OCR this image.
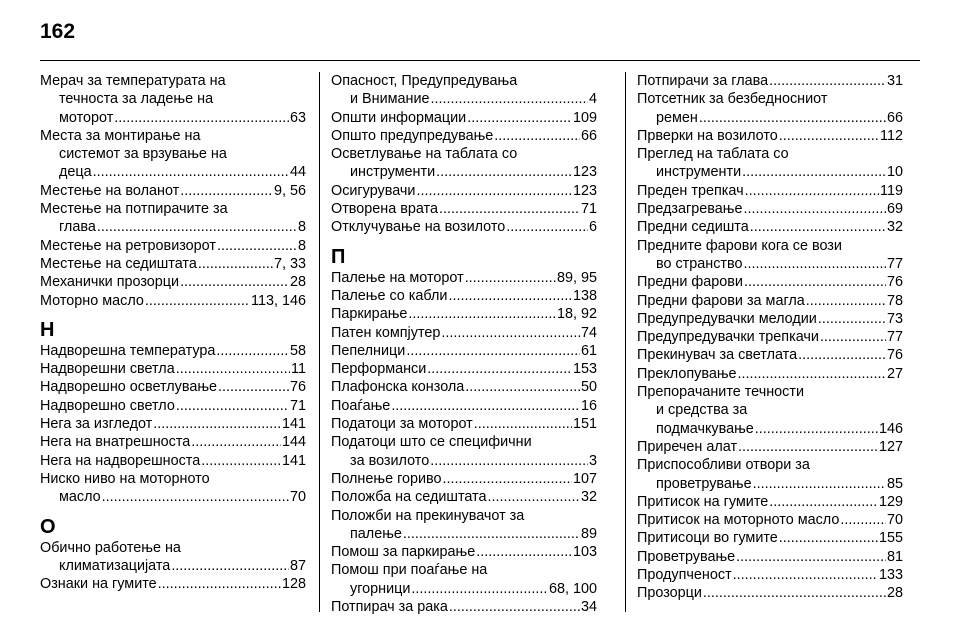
162
Мерач за температурата на
течноста за ладење на
моторот .....	63
Места за монтирање на
системот за врзување на
деца .....	44
Местење на воланот .....	9, 56
Местење на потпирачите за
глава .....	8
Местење на ретровизорот .....	8
Местење на седиштата .....	7, 33
Механички прозорци .....	28
Моторно масло .....	113, 146
Н
Надворешна температура .....	58
Надворешни светла .....	11
Надворешно осветлување .....	76
Надворешно светло .....	71
Нега за изгледот .....	141
Нега на внатрешноста .....	144
Нега на надворешноста .....	141
Ниско ниво на моторното
масло .....	70
О
Обично работење на
климатизацијата .....	87
Ознаки на гумите .....	128
Опасност, Предупредувања
и Внимание .....	4
Општи информации .....	109
Општо предупредување .....	66
Осветлување на таблата со
инструменти .....	123
Осигурувачи .....	123
Отворена врата .....	71
Отклучување на возилото .....	6
П
Палење на моторот .....	89, 95
Палење со кабли .....	138
Паркирање .....	18, 92
Патен компјутер .....	74
Пепелници .....	61
Перформанси .....	153
Плафонска конзола .....	50
Поаѓање .....	16
Податоци за моторот .....	151
Податоци што се специфични
за возилото .....	3
Полнење гориво .....	107
Положба на седиштата .....	32
Положби на прекинувачот за
палење .....	89
Помош за паркирање .....	103
Помош при поаѓање на
угорници .....	68, 100
Потпирач за рака .....	34
Потпирачи за глава .....	31
Потсетник за безбедносниот
ремен .....	66
Прверки на возилото .....	112
Преглед на таблата со
инструменти .....	10
Преден трепкач .....	119
Предзагревање .....	69
Предни седишта .....	32
Предните фарови кога се вози
во странство .....	77
Предни фарови .....	76
Предни фарови за магла .....	78
Предупредувачки мелодии .....	73
Предупредувачки трепкачи .....	77
Прекинувач за светлата .....	76
Преклопување .....	27
Препорачаните течности
и средства за
подмачкување .....	146
Приречен алат .....	127
Приспособливи отвори за
проветрување .....	85
Притисок на гумите .....	129
Притисок на моторното масло .....	70
Притисоци во гумите .....	155
Проветрување .....	81
Продупченост .....	133
Прозорци .....	28
